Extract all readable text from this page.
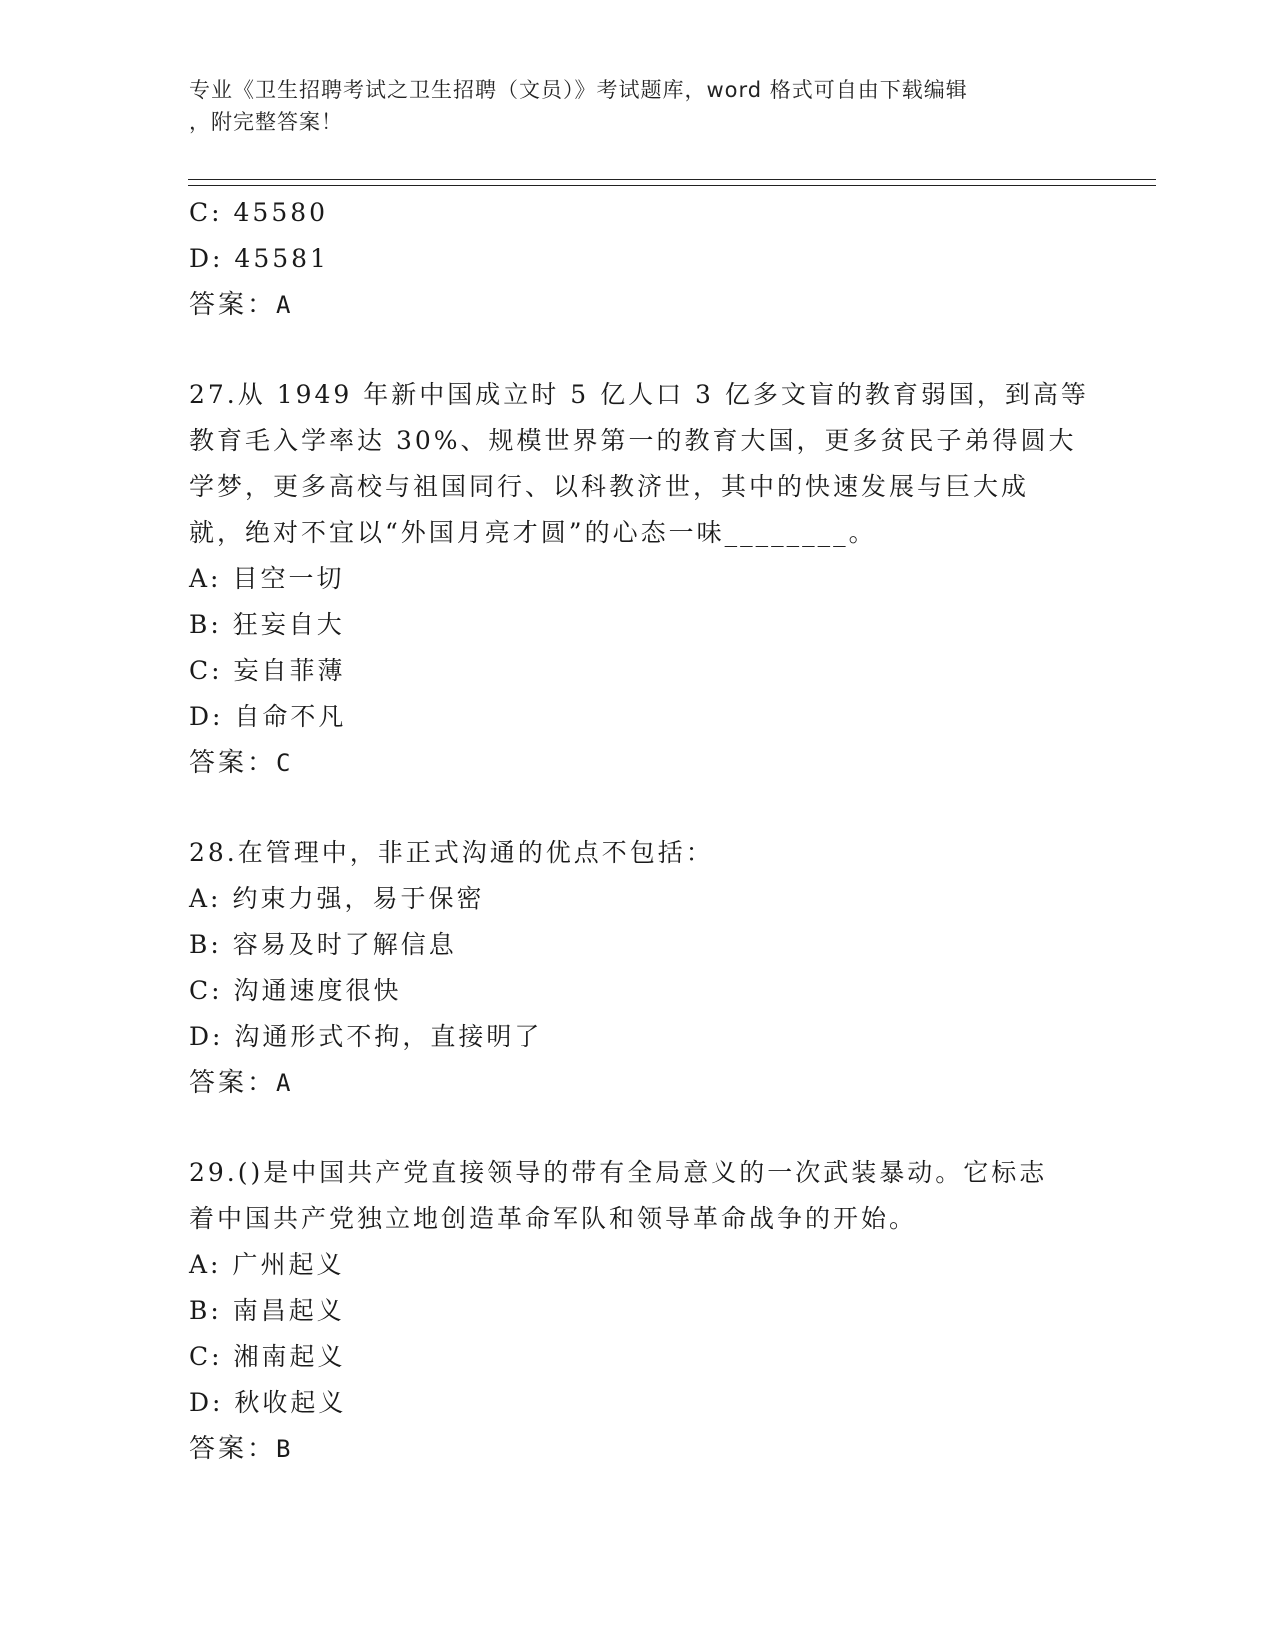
专业《卫生招聘考试之卫生招聘（文员）》考试题库，word 格式可自由下载编辑
，附完整答案！
C: 45580
D: 45581
答案：A
27.从 1949 年新中国成立时 5 亿人口 3 亿多文盲的教育弱国，到高等
教育毛入学率达 30%、规模世界第一的教育大国，更多贫民子弟得圆大
学梦，更多高校与祖国同行、以科教济世，其中的快速发展与巨大成
就，绝对不宜以“外国月亮才圆”的心态一味________。
A: 目空一切
B: 狂妄自大
C: 妄自菲薄
D: 自命不凡
答案：C
28.在管理中，非正式沟通的优点不包括：
A: 约束力强，易于保密
B: 容易及时了解信息
C: 沟通速度很快
D: 沟通形式不拘，直接明了
答案：A
29.()是中国共产党直接领导的带有全局意义的一次武装暴动。它标志
着中国共产党独立地创造革命军队和领导革命战争的开始。
A: 广州起义
B: 南昌起义
C: 湘南起义
D: 秋收起义
答案：B
